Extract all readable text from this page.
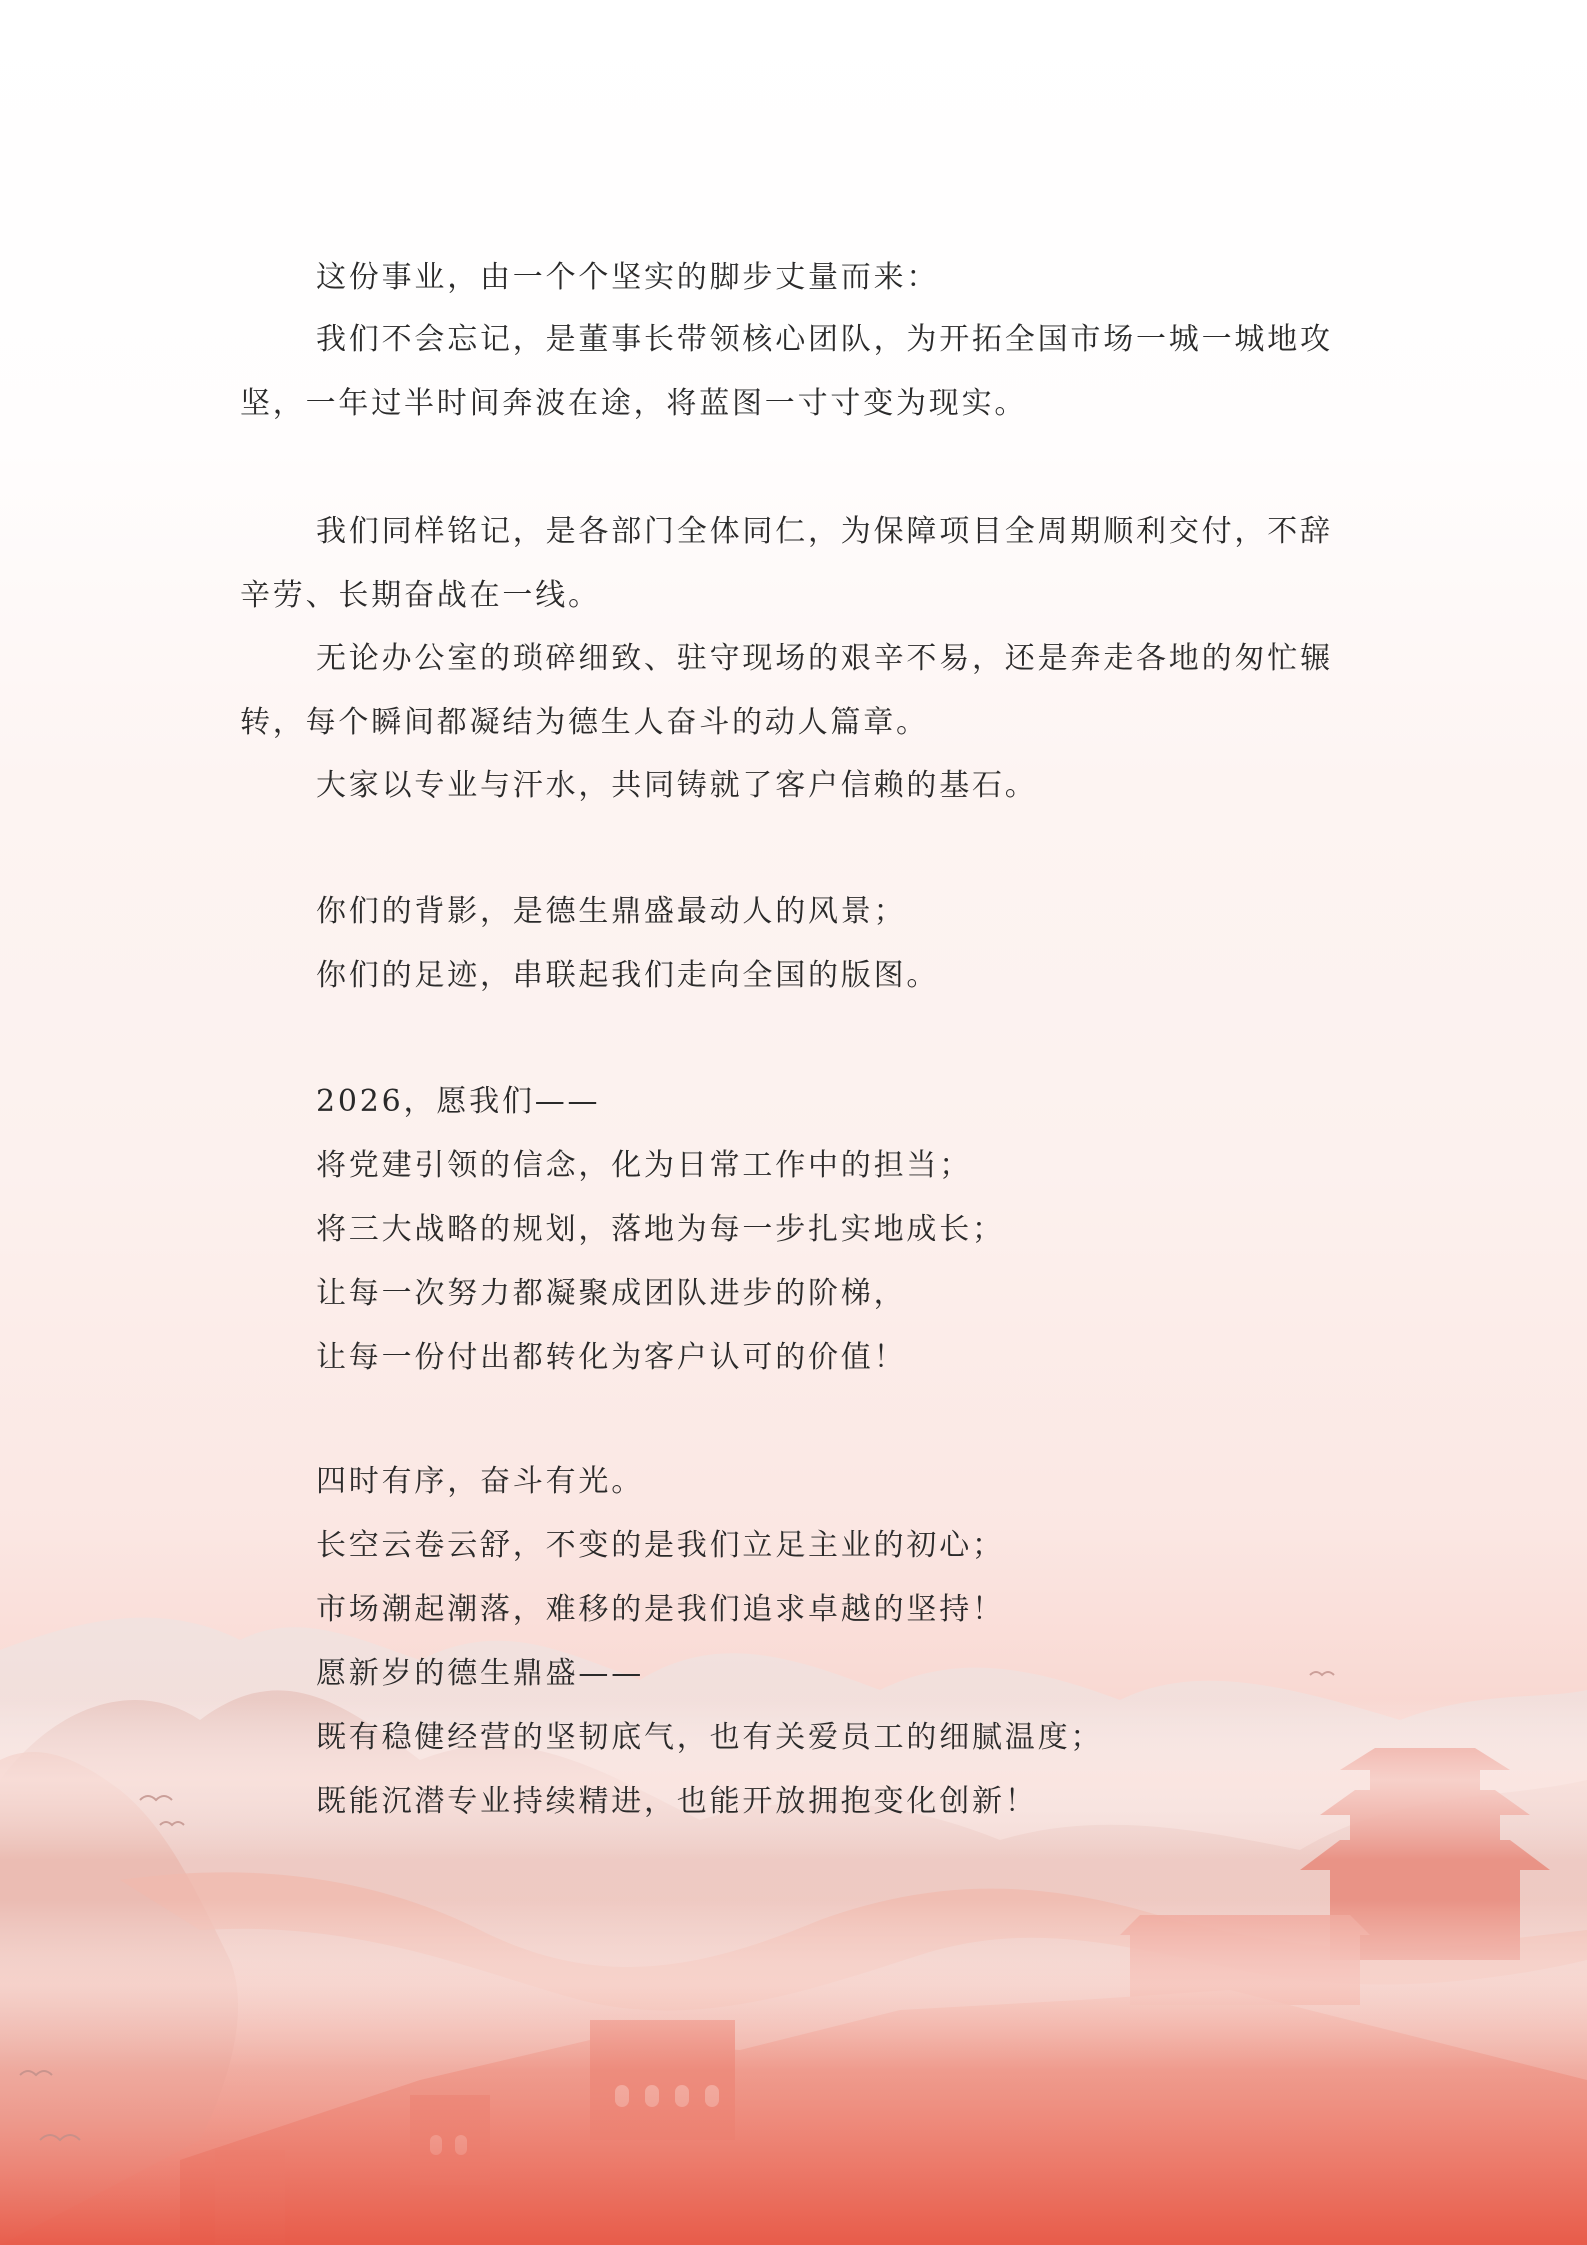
这份事业，由一个个坚实的脚步丈量而来：
我们不会忘记，是董事长带领核心团队，为开拓全国市场一城一城地攻坚，一年过半时间奔波在途，将蓝图一寸寸变为现实。
我们同样铭记，是各部门全体同仁，为保障项目全周期顺利交付，不辞辛劳、长期奋战在一线。
无论办公室的琐碎细致、驻守现场的艰辛不易，还是奔走各地的匆忙辗转，每个瞬间都凝结为德生人奋斗的动人篇章。
大家以专业与汗水，共同铸就了客户信赖的基石。
你们的背影，是德生鼎盛最动人的风景；
你们的足迹，串联起我们走向全国的版图。
2026，愿我们——
将党建引领的信念，化为日常工作中的担当；
将三大战略的规划，落地为每一步扎实地成长；
让每一次努力都凝聚成团队进步的阶梯，
让每一份付出都转化为客户认可的价值！
四时有序，奋斗有光。
长空云卷云舒，不变的是我们立足主业的初心；
市场潮起潮落，难移的是我们追求卓越的坚持！
愿新岁的德生鼎盛——
既有稳健经营的坚韧底气，也有关爱员工的细腻温度；
既能沉潜专业持续精进，也能开放拥抱变化创新！
